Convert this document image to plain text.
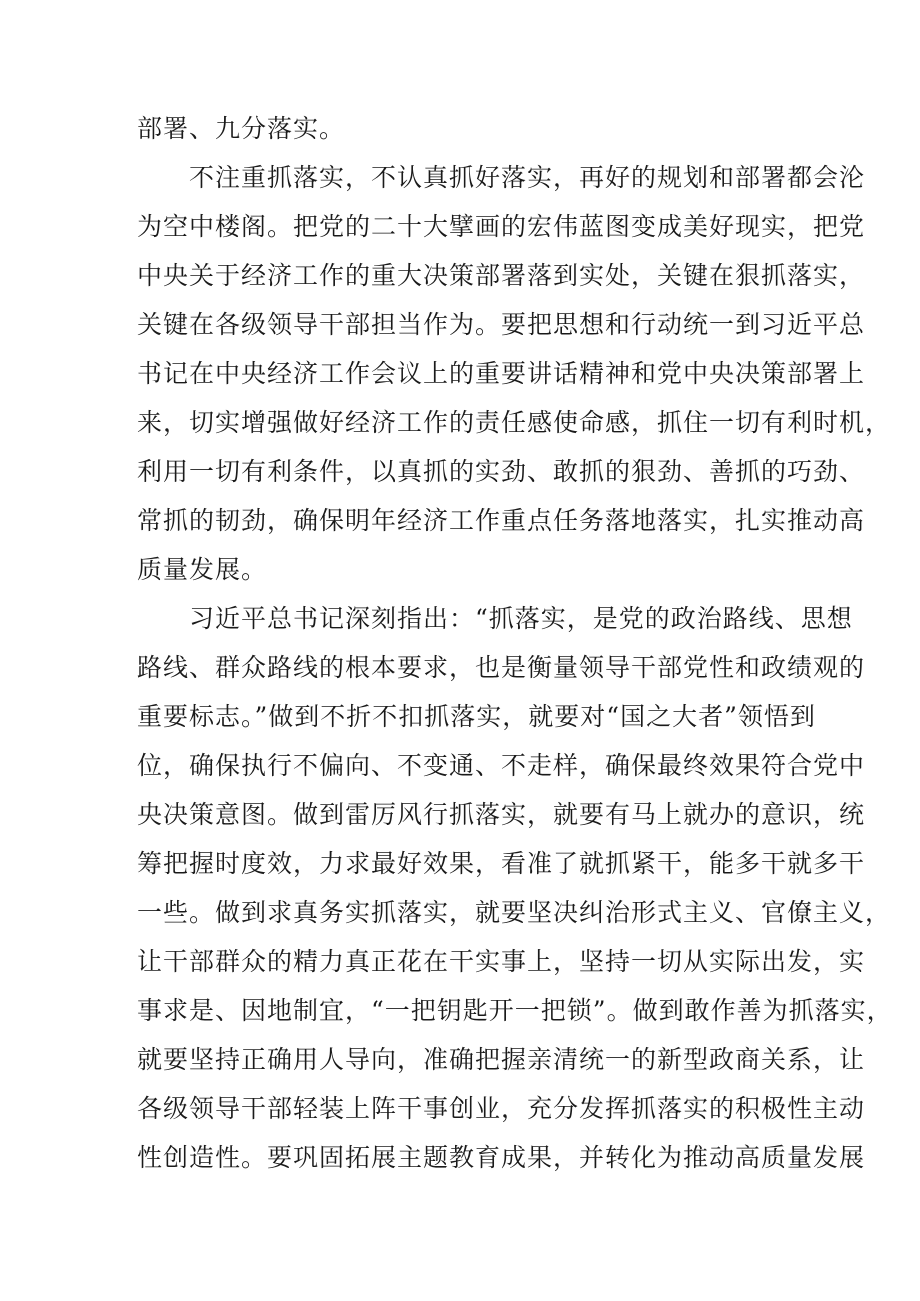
部署、九分落实。
不注重抓落实，不认真抓好落实，再好的规划和部署都会沦
为空中楼阁。把党的二十大擘画的宏伟蓝图变成美好现实，把党
中央关于经济工作的重大决策部署落到实处，关键在狠抓落实，
关键在各级领导干部担当作为。要把思想和行动统一到习近平总
书记在中央经济工作会议上的重要讲话精神和党中央决策部署上
来，切实增强做好经济工作的责任感使命感，抓住一切有利时机，
利用一切有利条件，以真抓的实劲、敢抓的狠劲、善抓的巧劲、
常抓的韧劲，确保明年经济工作重点任务落地落实，扎实推动高
质量发展。
习近平总书记深刻指出：“抓落实，是党的政治路线、思想
路线、群众路线的根本要求，也是衡量领导干部党性和政绩观的
重要标志。”做到不折不扣抓落实，就要对“国之大者”领悟到
位，确保执行不偏向、不变通、不走样，确保最终效果符合党中
央决策意图。做到雷厉风行抓落实，就要有马上就办的意识，统
筹把握时度效，力求最好效果，看准了就抓紧干，能多干就多干
一些。做到求真务实抓落实，就要坚决纠治形式主义、官僚主义，
让干部群众的精力真正花在干实事上，坚持一切从实际出发，实
事求是、因地制宜，“一把钥匙开一把锁”。做到敢作善为抓落实，
就要坚持正确用人导向，准确把握亲清统一的新型政商关系，让
各级领导干部轻装上阵干事创业，充分发挥抓落实的积极性主动
性创造性。要巩固拓展主题教育成果，并转化为推动高质量发展
